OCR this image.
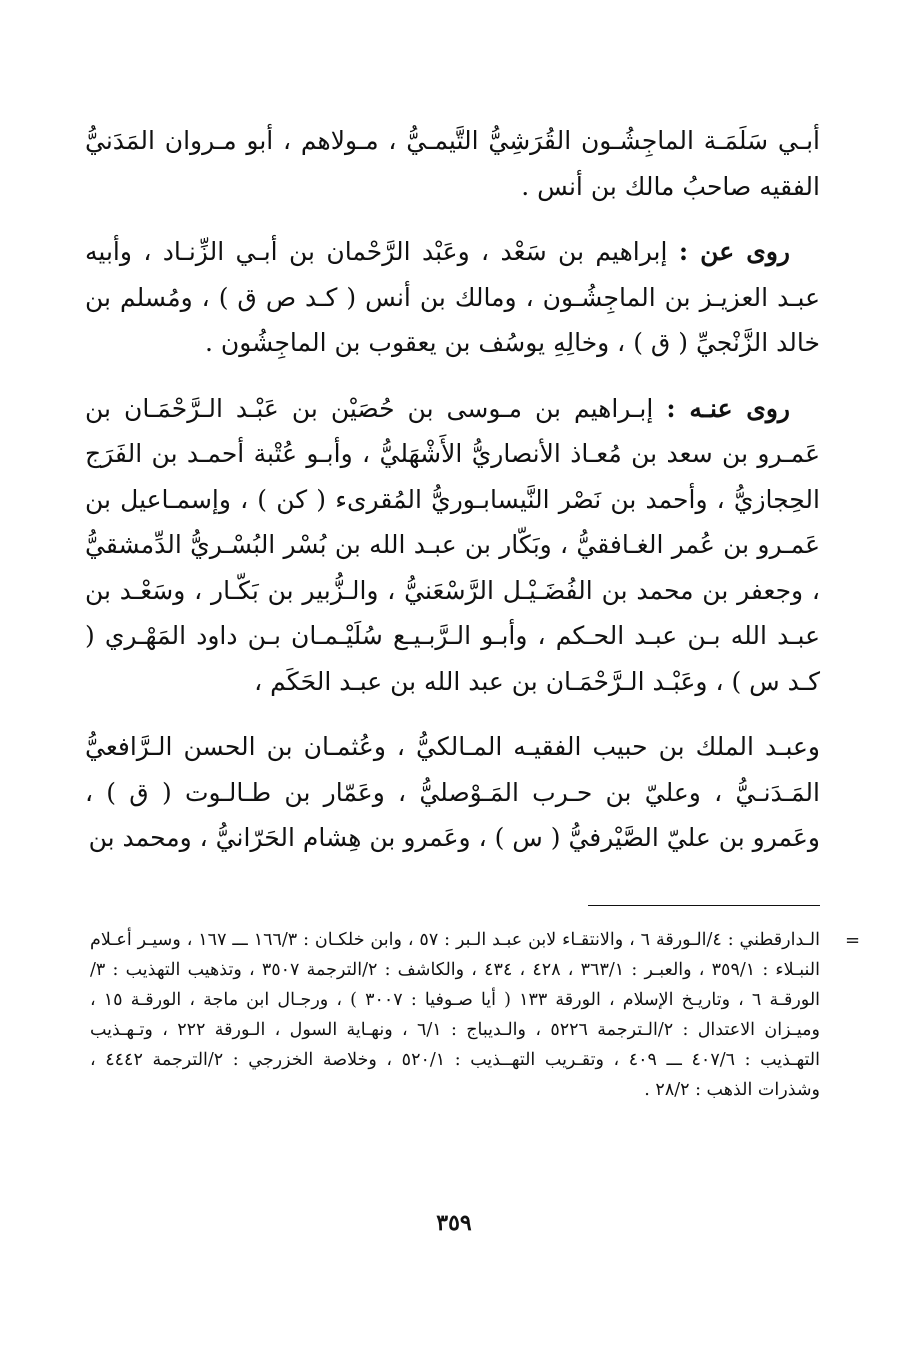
أبـي سَلَمَـة الماجِشُـون القُرَشِيُّ التَّيمـيُّ ، مـولاهم ، أبو مـروان المَدَنيُّ الفقيه صاحبُ مالك بن أنس .

روى عن : إبراهيم بن سَعْد ، وعَبْد الرَّحْمان بن أبـي الزِّنـاد ، وأبيه عبـد العزيـز بن الماجِشُـون ، ومالك بن أنس ( كـد ص ق ) ، ومُسلم بن خالد الزَّنْجيِّ ( ق ) ، وخالِهِ يوسُف بن يعقوب بن الماجِشُون .

روى عنـه : إبـراهيم بن مـوسى بن حُصَيْن بن عَبْـد الـرَّحْمَـان بن عَمـرو بن سعد بن مُعـاذ الأنصاريُّ الأَشْهَليُّ ، وأبـو عُتْبة أحمـد بن الفَرَج الحِجازيُّ ، وأحمد بن نَصْر النَّيسابـوريُّ المُقرىء ( كن ) ، وإسمـاعيل بن عَمـرو بن عُمر الغـافقيُّ ، وبَكّار بن عبـد الله بن بُسْر البُسْـريُّ الدِّمشقيُّ ، وجعفر بن محمد بن الفُضَـيْـل الرَّسْعَنيُّ ، والـزُّبير بن بَكّـار ، وسَعْـد بن عبـد الله بـن عبـد الحـكم ، وأبـو الـرَّبـيـع سُلَيْـمـان بـن داود المَهْـري ( كـد س ) ، وعَبْـد الـرَّحْمَـان بن عبد الله بن عبـد الحَكَم ،

وعبـد الملك بن حبيب الفقيـه المـالكيُّ ، وعُثمـان بن الحسن الـرَّافعيُّ المَـدَنـيُّ ، وعليّ بن حـرب المَـوْصليُّ ، وعَمّار بن طـالـوت ( ق ) ، وعَمرو بن عليّ الصَّيْرفيُّ ( س ) ، وعَمرو بن هِشام الحَرّانيُّ ، ومحمد بن

=
الـدارقطني : ٤/الـورقة ٦ ، والانتقـاء لابن عبـد الـبر : ٥٧ ، وابن خلكـان : ١٦٦/٣ ـــ ١٦٧ ، وسيـر أعـلام النبـلاء : ٣٥٩/١ ، والعبـر : ٣٦٣/١ ، ٤٢٨ ، ٤٣٤ ، والكاشف : ٢/الترجمة ٣٥٠٧ ، وتذهيب التهذيب : ٣/الورقـة ٦ ، وتاريـخ الإسلام ، الورقة ١٣٣ ( أيا صـوفيا : ٣٠٠٧ ) ، ورجـال ابن ماجة ، الورقـة ١٥ ، وميـزان الاعتدال : ٢/الـترجمة ٥٢٢٦ ، والـديباج : ٦/١ ، ونهـاية السول ، الـورقة ٢٢٢ ، وتـهـذيب التهـذيب : ٤٠٧/٦ ـــ ٤٠٩ ، وتقـريب التهــذيب : ٥٢٠/١ ، وخلاصة الخزرجي : ٢/الترجمة ٤٤٤٢ ، وشذرات الذهب : ٢٨/٢ .
٣٥٩
